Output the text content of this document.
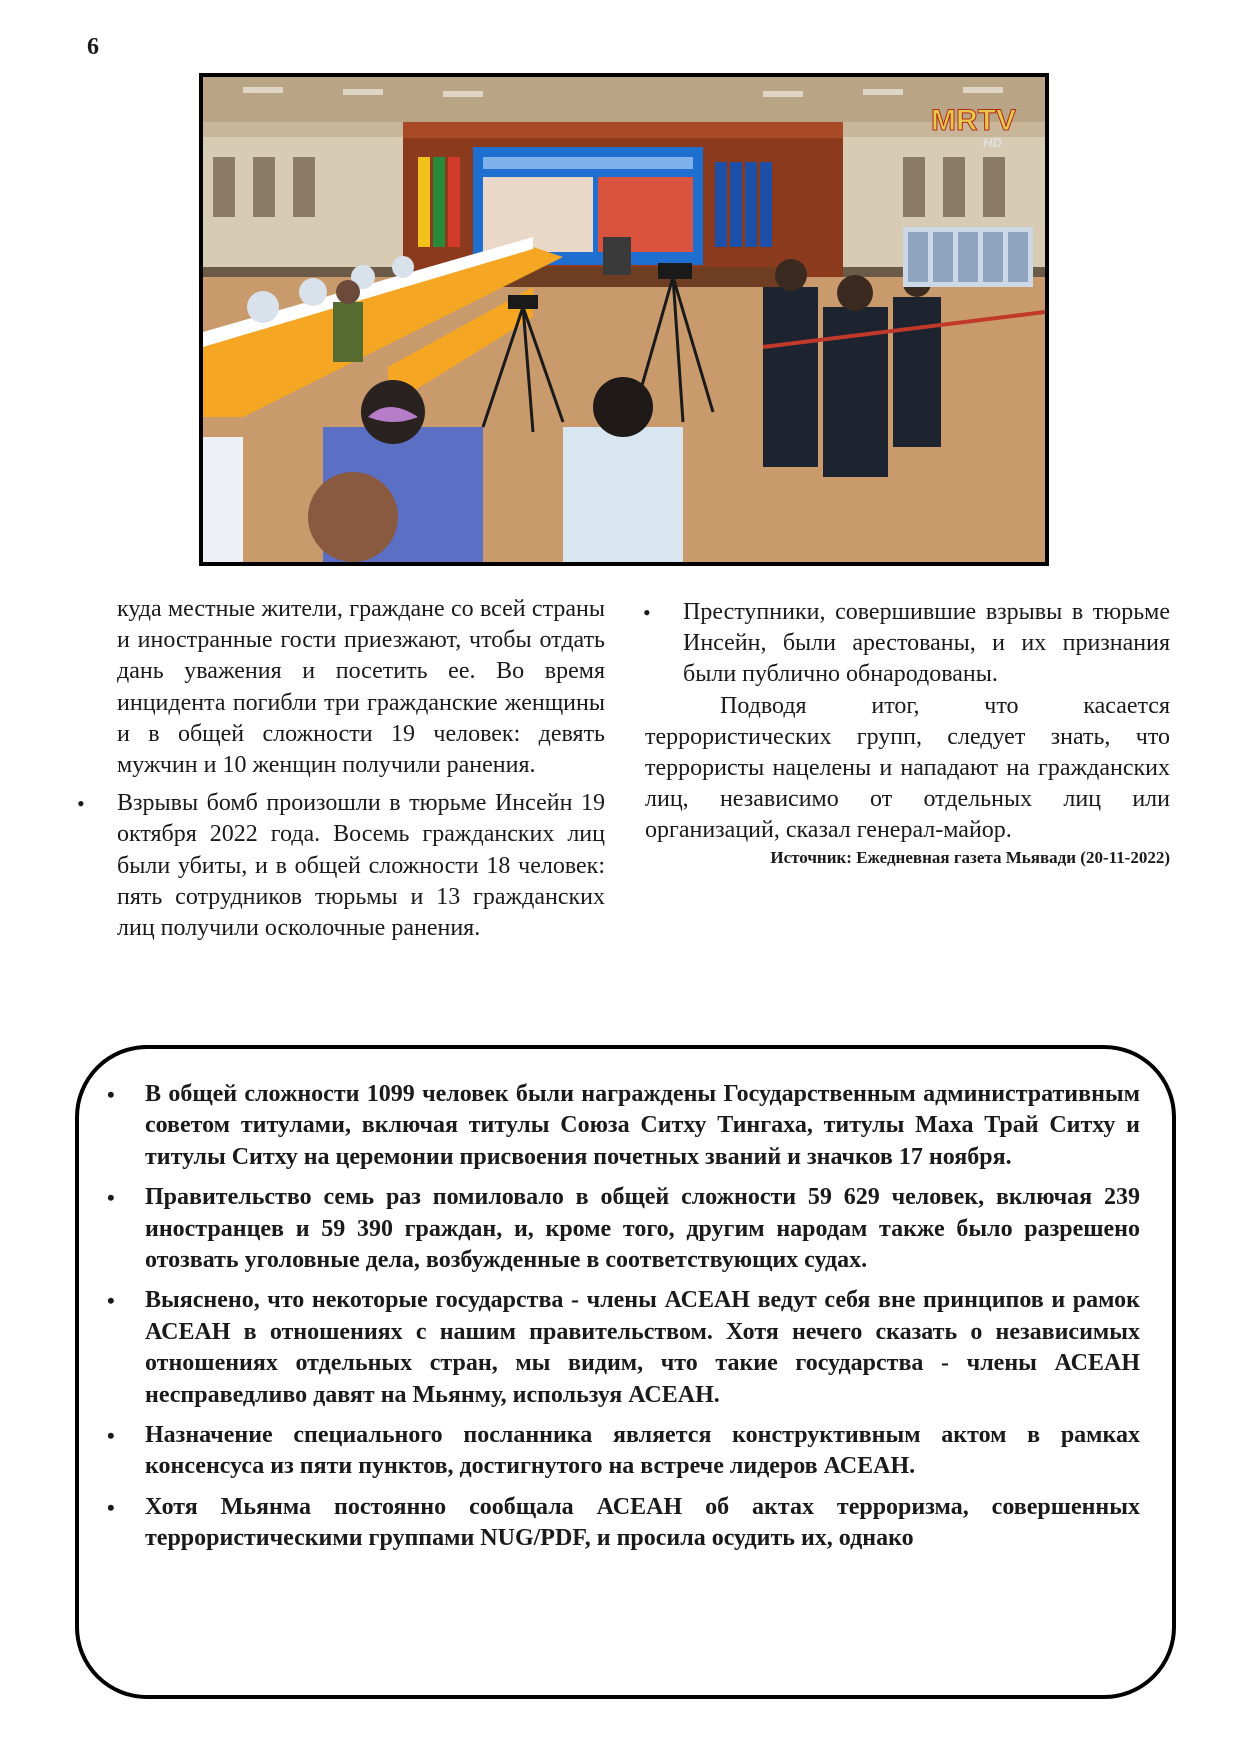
6
MRTV
HD

куда местные жители, граждане со всей страны и иностранные гости приезжают, чтобы отдать дань уважения и посетить ее. Во время инцидента погибли три гражданские женщины и в общей сложности 19 человек: девять мужчин и 10 женщин получили ранения.

• Взрывы бомб произошли в тюрьме Инсейн 19 октября 2022 года. Восемь гражданских лиц были убиты, и в общей сложности 18 человек: пять сотрудников тюрьмы и 13 гражданских лиц получили осколочные ранения.
• Преступники, совершившие взрывы в тюрьме Инсейн, были арестованы, и их признания были публично обнародованы.

Подводя итог, что касается террористических групп, следует знать, что террористы нацелены и нападают на гражданских лиц, независимо от отдельных лиц или организаций, сказал генерал-майор.

Источник: Ежедневная газета Мьявади (20-11-2022)

• В общей сложности 1099 человек были награждены Государственным административным советом титулами, включая титулы Союза Ситху Тингаха, титулы Маха Трай Ситху и титулы Ситху на церемонии присвоения почетных званий и значков 17 ноября.
• Правительство семь раз помиловало в общей сложности 59 629 человек, включая 239 иностранцев и 59 390 граждан, и, кроме того, другим народам также было разрешено отозвать уголовные дела, возбужденные в соответствующих судах.
• Выяснено, что некоторые государства - члены АСЕАН ведут себя вне принципов и рамок АСЕАН в отношениях с нашим правительством. Хотя нечего сказать о независимых отношениях отдельных стран, мы видим, что такие государства - члены АСЕАН несправедливо давят на Мьянму, используя АСЕАН.
• Назначение специального посланника является конструктивным актом в рамках консенсуса из пяти пунктов, достигнутого на встрече лидеров АСЕАН.
• Хотя Мьянма постоянно сообщала АСЕАН об актах терроризма, совершенных террористическими группами NUG/PDF, и просила осудить их, однако
